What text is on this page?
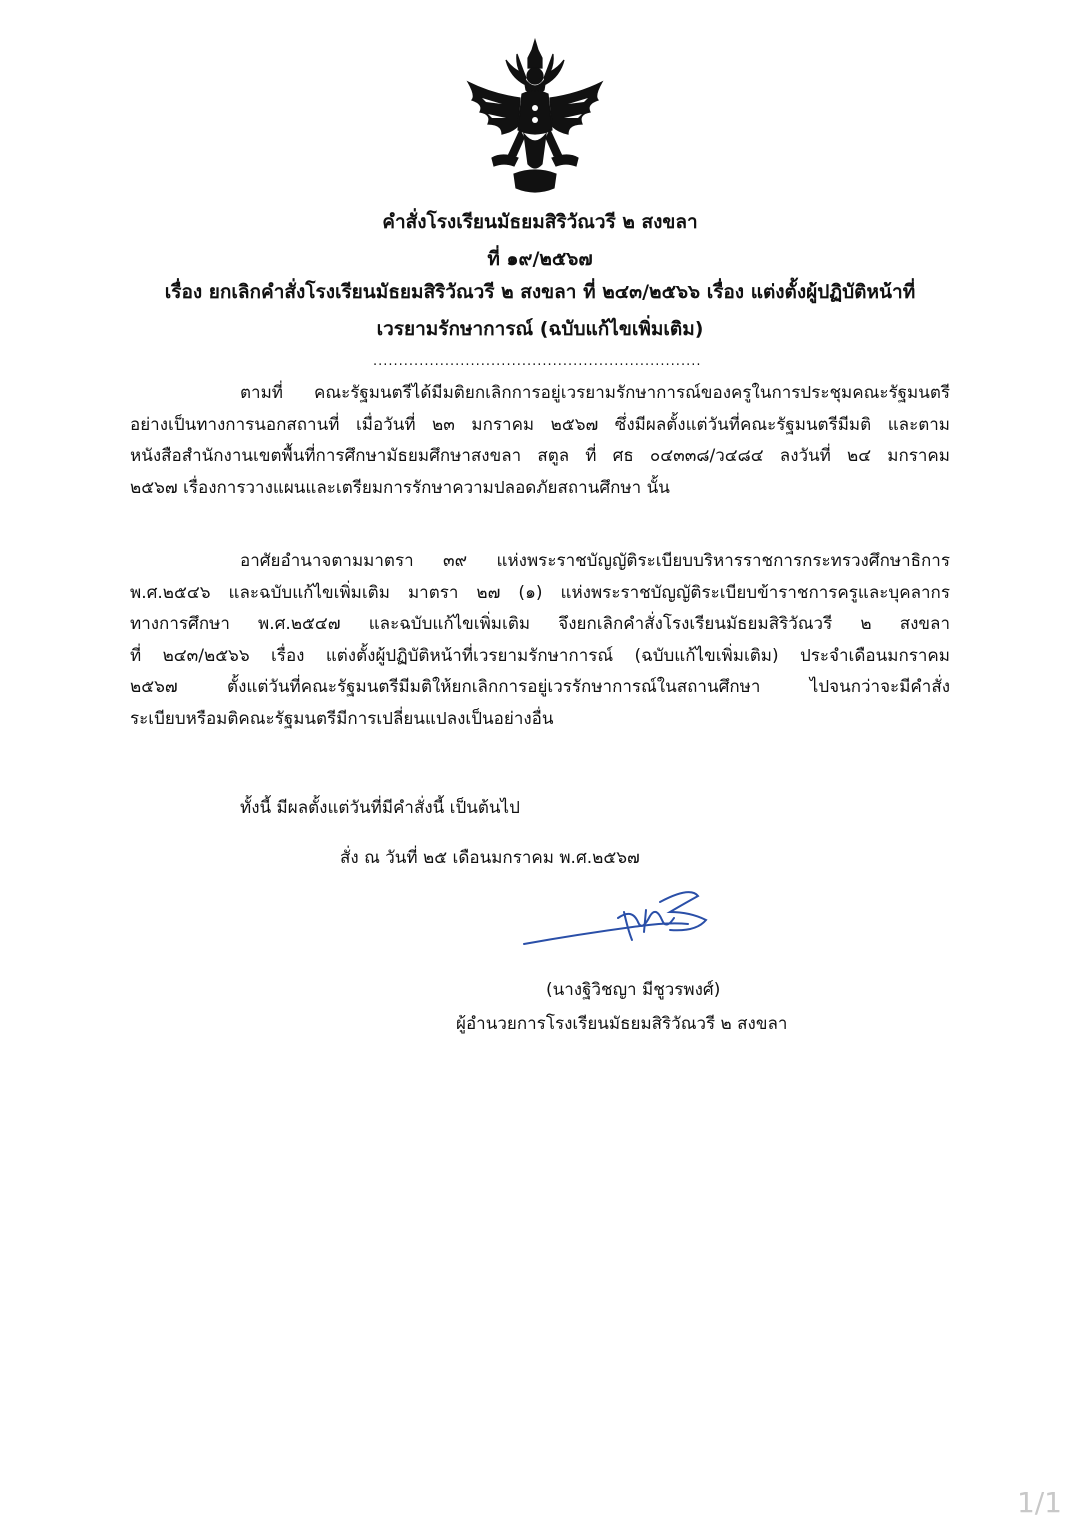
คำสั่งโรงเรียนมัธยมสิริวัณวรี ๒ สงขลา
ที่ ๑๙/๒๕๖๗
เรื่อง ยกเลิกคำสั่งโรงเรียนมัธยมสิริวัณวรี ๒ สงขลา ที่ ๒๔๓/๒๕๖๖ เรื่อง แต่งตั้งผู้ปฏิบัติหน้าที่
เวรยามรักษาการณ์ (ฉบับแก้ไขเพิ่มเติม)
................................................................
ตามที่ คณะรัฐมนตรีได้มีมติยกเลิกการอยู่เวรยามรักษาการณ์ของครูในการประชุมคณะรัฐมนตรี
อย่างเป็นทางการนอกสถานที่ เมื่อวันที่ ๒๓ มกราคม ๒๕๖๗ ซึ่งมีผลตั้งแต่วันที่คณะรัฐมนตรีมีมติ และตาม
หนังสือสำนักงานเขตพื้นที่การศึกษามัธยมศึกษาสงขลา สตูล ที่ ศธ ๐๔๓๓๘/ว๔๘๔ ลงวันที่ ๒๔ มกราคม
๒๕๖๗ เรื่องการวางแผนและเตรียมการรักษาความปลอดภัยสถานศึกษา นั้น
อาศัยอำนาจตามมาตรา ๓๙ แห่งพระราชบัญญัติระเบียบบริหารราชการกระทรวงศึกษาธิการ
พ.ศ.๒๕๔๖ และฉบับแก้ไขเพิ่มเติม มาตรา ๒๗ (๑) แห่งพระราชบัญญัติระเบียบข้าราชการครูและบุคลากร
ทางการศึกษา พ.ศ.๒๕๔๗ และฉบับแก้ไขเพิ่มเติม จึงยกเลิกคำสั่งโรงเรียนมัธยมสิริวัณวรี ๒ สงขลา
ที่ ๒๔๓/๒๕๖๖ เรื่อง แต่งตั้งผู้ปฏิบัติหน้าที่เวรยามรักษาการณ์ (ฉบับแก้ไขเพิ่มเติม) ประจำเดือนมกราคม
๒๕๖๗ ตั้งแต่วันที่คณะรัฐมนตรีมีมติให้ยกเลิกการอยู่เวรรักษาการณ์ในสถานศึกษา ไปจนกว่าจะมีคำสั่ง
ระเบียบหรือมติคณะรัฐมนตรีมีการเปลี่ยนแปลงเป็นอย่างอื่น
ทั้งนี้ มีผลตั้งแต่วันที่มีคำสั่งนี้ เป็นต้นไป
สั่ง ณ วันที่ ๒๕ เดือนมกราคม พ.ศ.๒๕๖๗
(นางฐิวิชญา มีชูวรพงศ์)
ผู้อำนวยการโรงเรียนมัธยมสิริวัณวรี ๒ สงขลา
1/1
